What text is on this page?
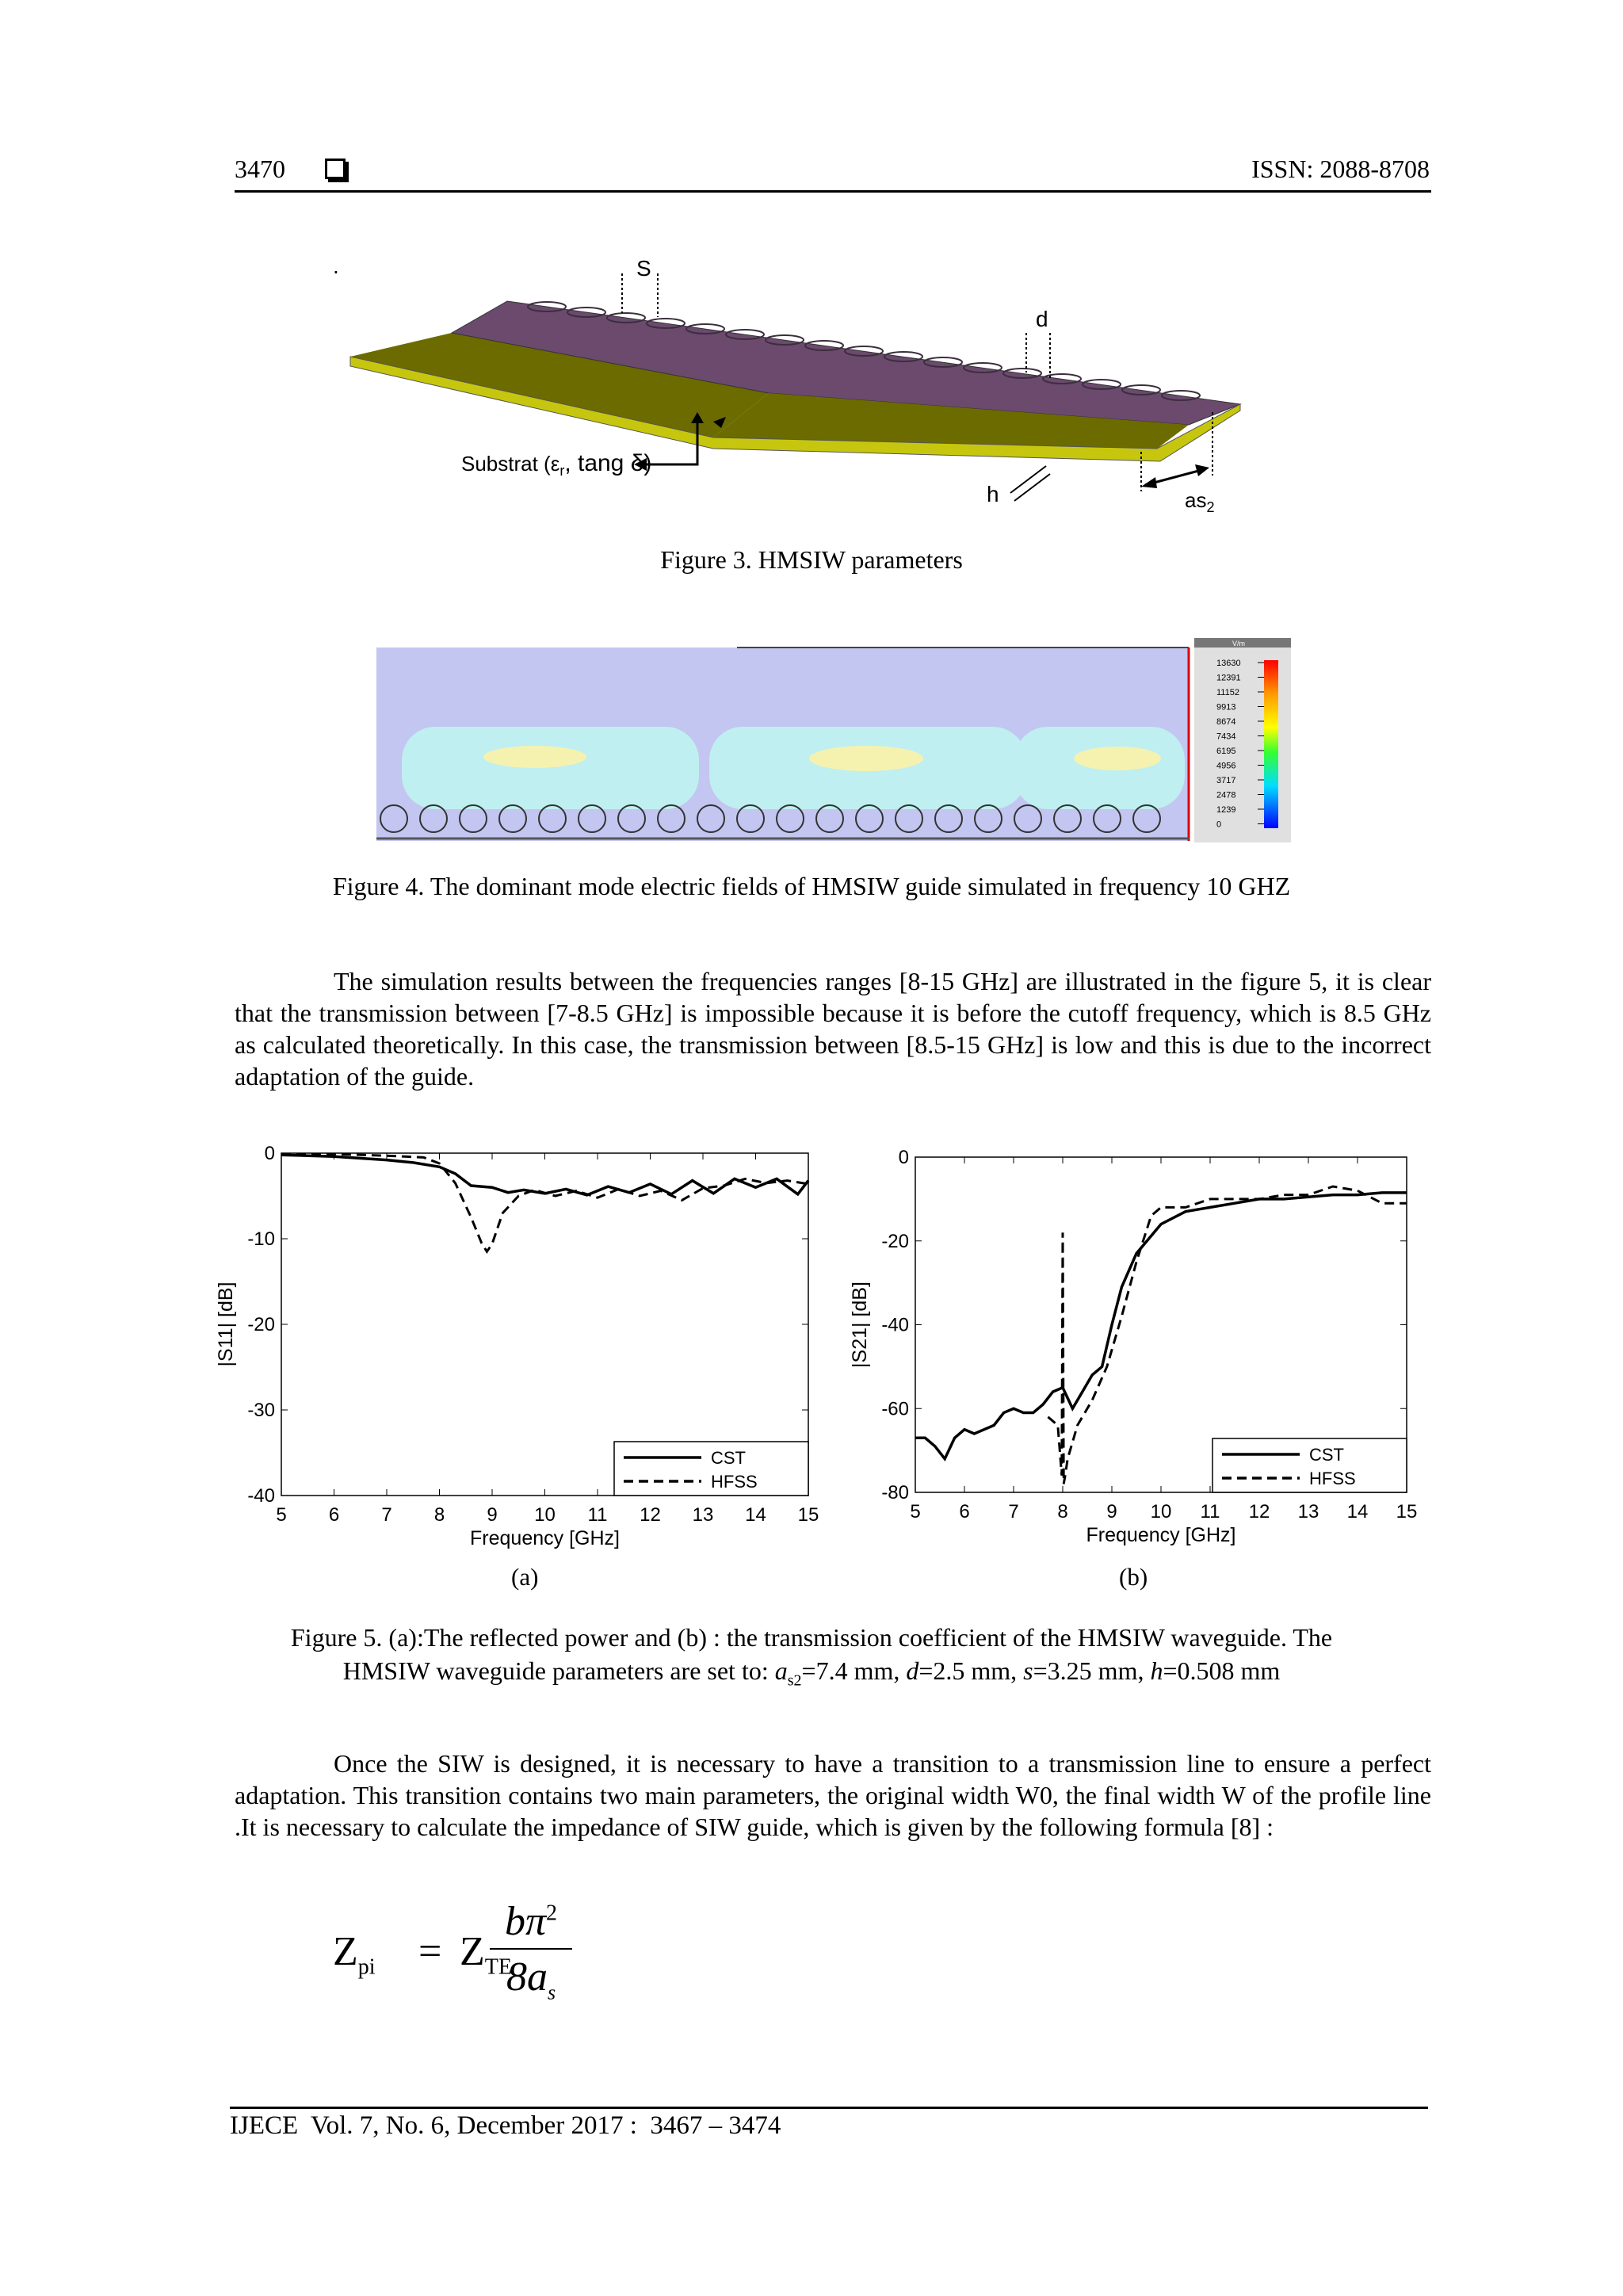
3470	ISSN: 2088-8708
.	S
d
h	$as_2$
Substrat ($\varepsilon_r$, tang δ)
Figure 3. HMSIW parameters
V/m
13630
12391
11152
9913
8674
7434
6195
4956
3717
2478
1239
0
Figure 4. The dominant mode electric fields of HMSIW guide simulated in frequency 10 GHZ
The simulation results between the frequencies ranges [8-15 GHz] are illustrated in the figure 5, it is clear that the transmission between [7-8.5 GHz] is impossible because it is before the cutoff frequency, which is 8.5 GHz as calculated theoretically. In this case, the transmission between [8.5-15 GHz] is low and this is due to the incorrect adaptation of the guide.
5 6 7 8 9 10 11 12 13 14 15
0
-10
-20
-30
-40
Frequency [GHz]
|S11| [dB]
CST
HFSS
(a)
5 6 7 8 9 10 11 12 13 14 15
0
-20
-40
-60
-80
Frequency [GHz]
|S21| [dB]
CST
HFSS
(b)
Figure 5. (a):The reflected power and (b) : the transmission coefficient of the HMSIW waveguide. The
HMSIW waveguide parameters are set to: $a_{s2}=7.4$ mm, d=2.5 mm, s=3.25 mm, h=0.508 mm
Once the SIW is designed, it is necessary to have a transition to a transmission line to ensure a perfect adaptation. This transition contains two main parameters, the original width W0, the final width W of the profile line .It is necessary to calculate the impedance of SIW guide, which is given by the following formula [8] :
$Z_{pi} = Z_{TE}$
$b\pi^2$
$8a_s$
IJECE  Vol. 7, No. 6, December 2017 :  3467 – 3474
